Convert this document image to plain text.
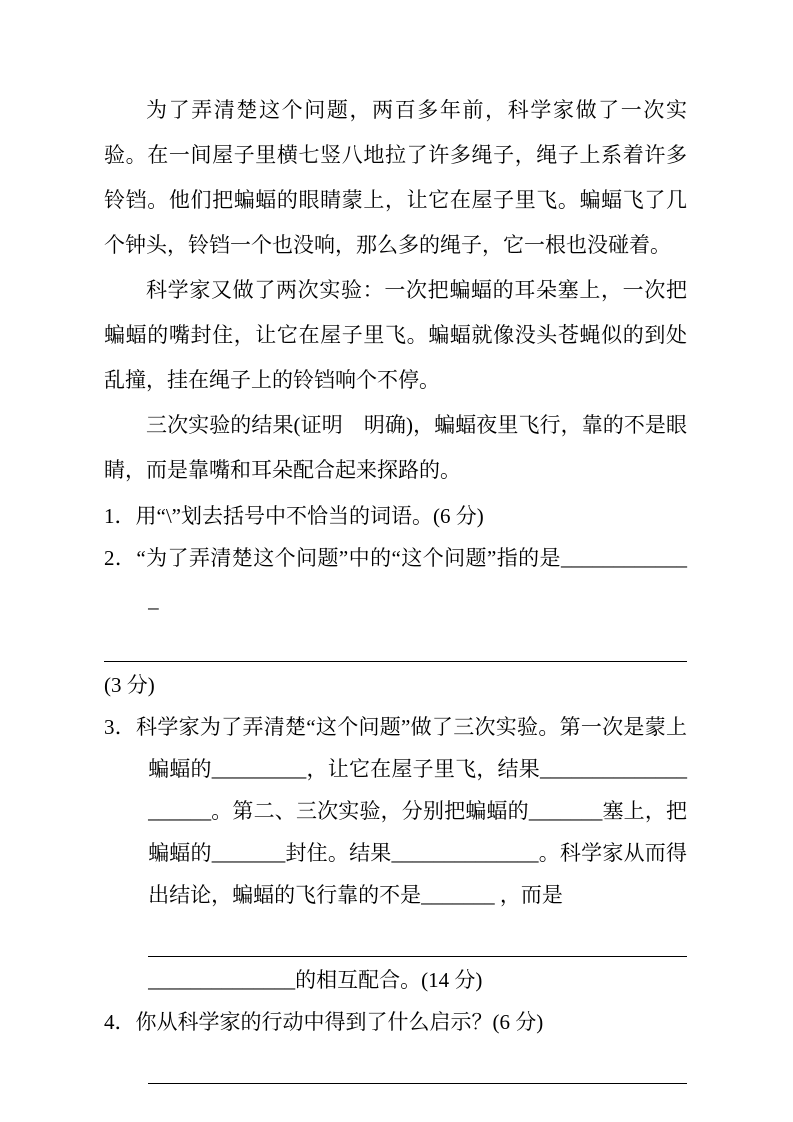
为了弄清楚这个问题，两百多年前，科学家做了一次实验。在一间屋子里横七竖八地拉了许多绳子，绳子上系着许多铃铛。他们把蝙蝠的眼睛蒙上，让它在屋子里飞。蝙蝠飞了几个钟头，铃铛一个也没响，那么多的绳子，它一根也没碰着。

科学家又做了两次实验：一次把蝙蝠的耳朵塞上，一次把蝙蝠的嘴封住，让它在屋子里飞。蝙蝠就像没头苍蝇似的到处乱撞，挂在绳子上的铃铛响个不停。

三次实验的结果(证明　明确)，蝙蝠夜里飞行，靠的不是眼睛，而是靠嘴和耳朵配合起来探路的。

1．用“\”划去括号中不恰当的词语。(6 分)

2．“为了弄清楚这个问题”中的“这个问题”指的是_____________

(3 分)

3．科学家为了弄清楚“这个问题”做了三次实验。第一次是蒙上蝙蝠的_________，让它在屋子里飞，结果____________________。第二、三次实验，分别把蝙蝠的_______塞上，把蝙蝠的_______封住。结果______________。科学家从而得出结论，蝙蝠的飞行靠的不是_______ ，而是

______________的相互配合。(14 分)

4．你从科学家的行动中得到了什么启示？(6 分)
